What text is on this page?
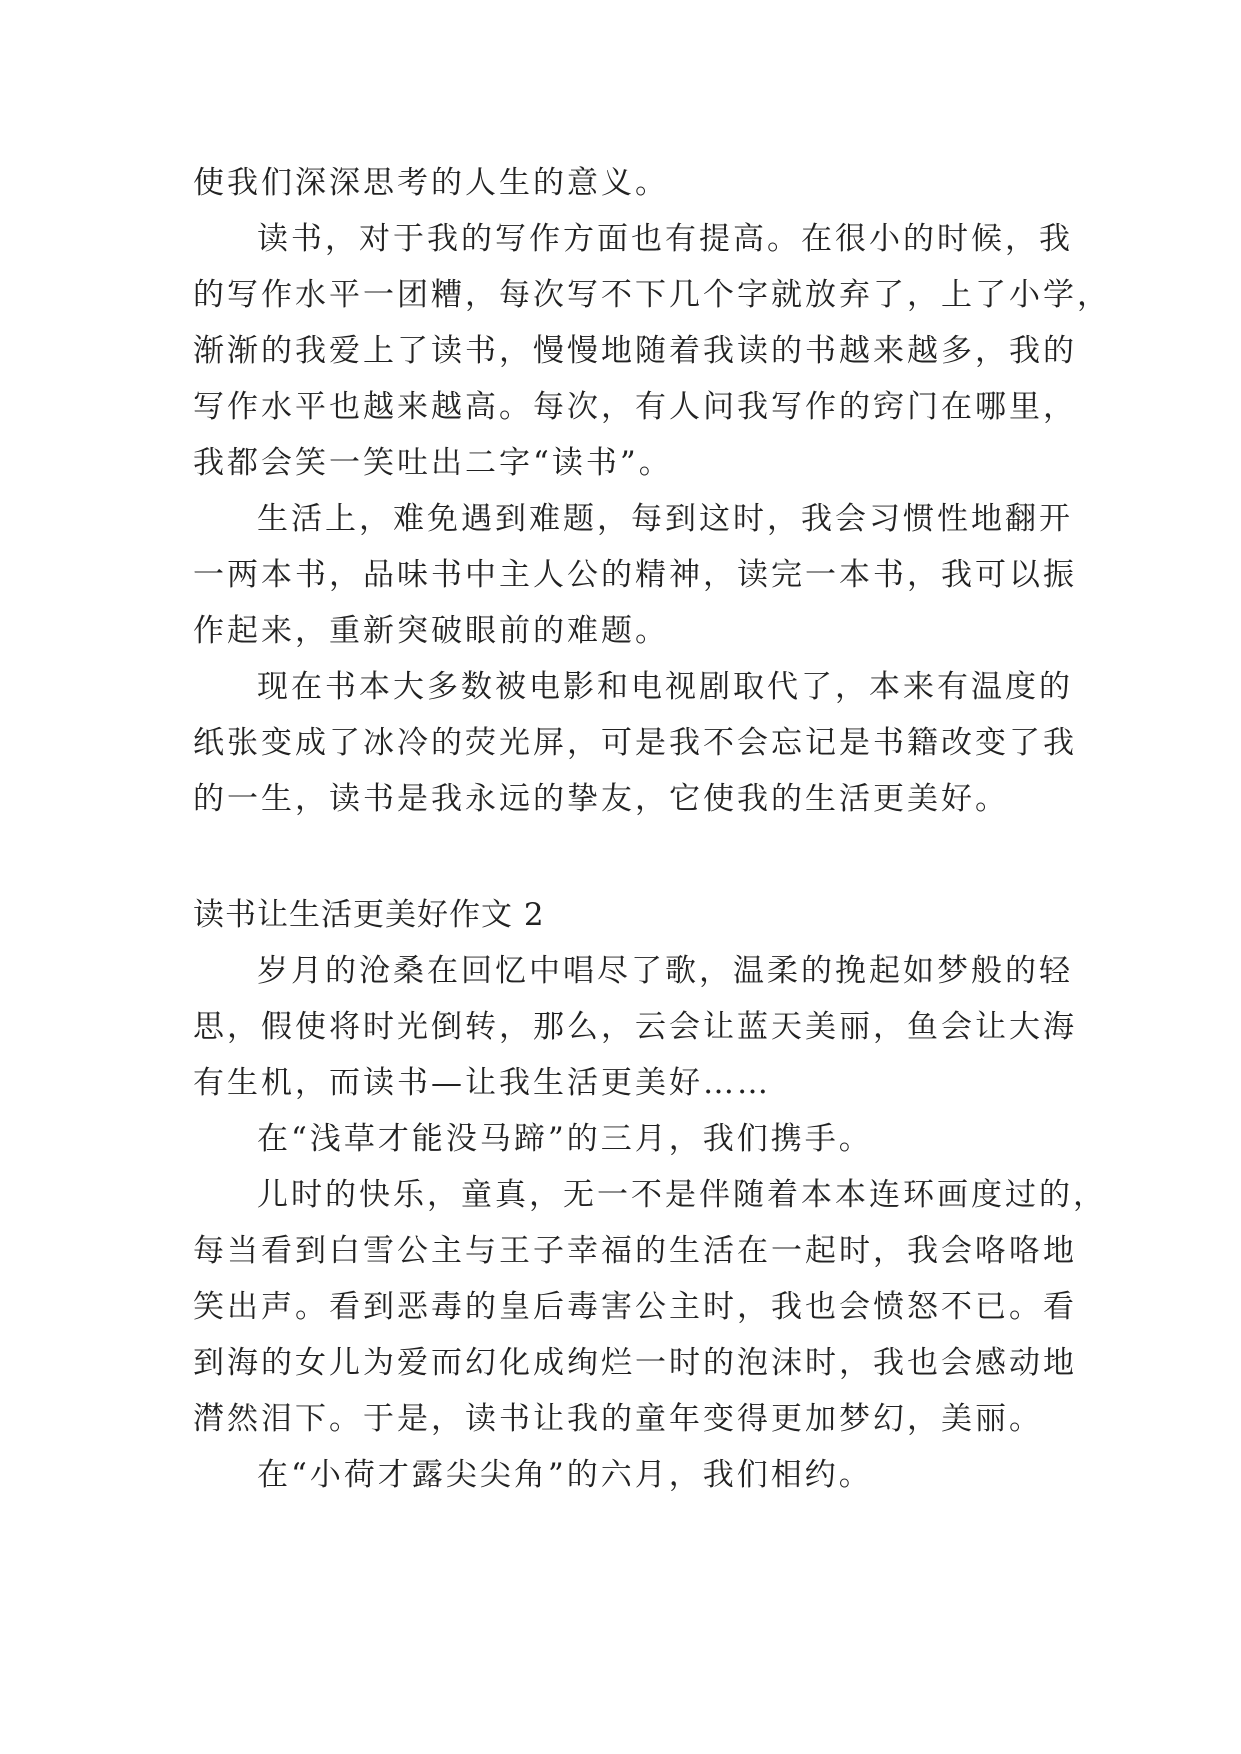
使我们深深思考的人生的意义。
读书，对于我的写作方面也有提高。在很小的时候，我
的写作水平一团糟，每次写不下几个字就放弃了，上了小学，
渐渐的我爱上了读书，慢慢地随着我读的书越来越多，我的
写作水平也越来越高。每次，有人问我写作的窍门在哪里，
我都会笑一笑吐出二字“读书”。
生活上，难免遇到难题，每到这时，我会习惯性地翻开
一两本书，品味书中主人公的精神，读完一本书，我可以振
作起来，重新突破眼前的难题。
现在书本大多数被电影和电视剧取代了，本来有温度的
纸张变成了冰冷的荧光屏，可是我不会忘记是书籍改变了我
的一生，读书是我永远的挚友，它使我的生活更美好。
读书让生活更美好作文 2
岁月的沧桑在回忆中唱尽了歌，温柔的挽起如梦般的轻
思，假使将时光倒转，那么，云会让蓝天美丽，鱼会让大海
有生机，而读书—让我生活更美好……
在“浅草才能没马蹄”的三月，我们携手。
儿时的快乐，童真，无一不是伴随着本本连环画度过的，
每当看到白雪公主与王子幸福的生活在一起时，我会咯咯地
笑出声。看到恶毒的皇后毒害公主时，我也会愤怒不已。看
到海的女儿为爱而幻化成绚烂一时的泡沫时，我也会感动地
潸然泪下。于是，读书让我的童年变得更加梦幻，美丽。
在“小荷才露尖尖角”的六月，我们相约。
